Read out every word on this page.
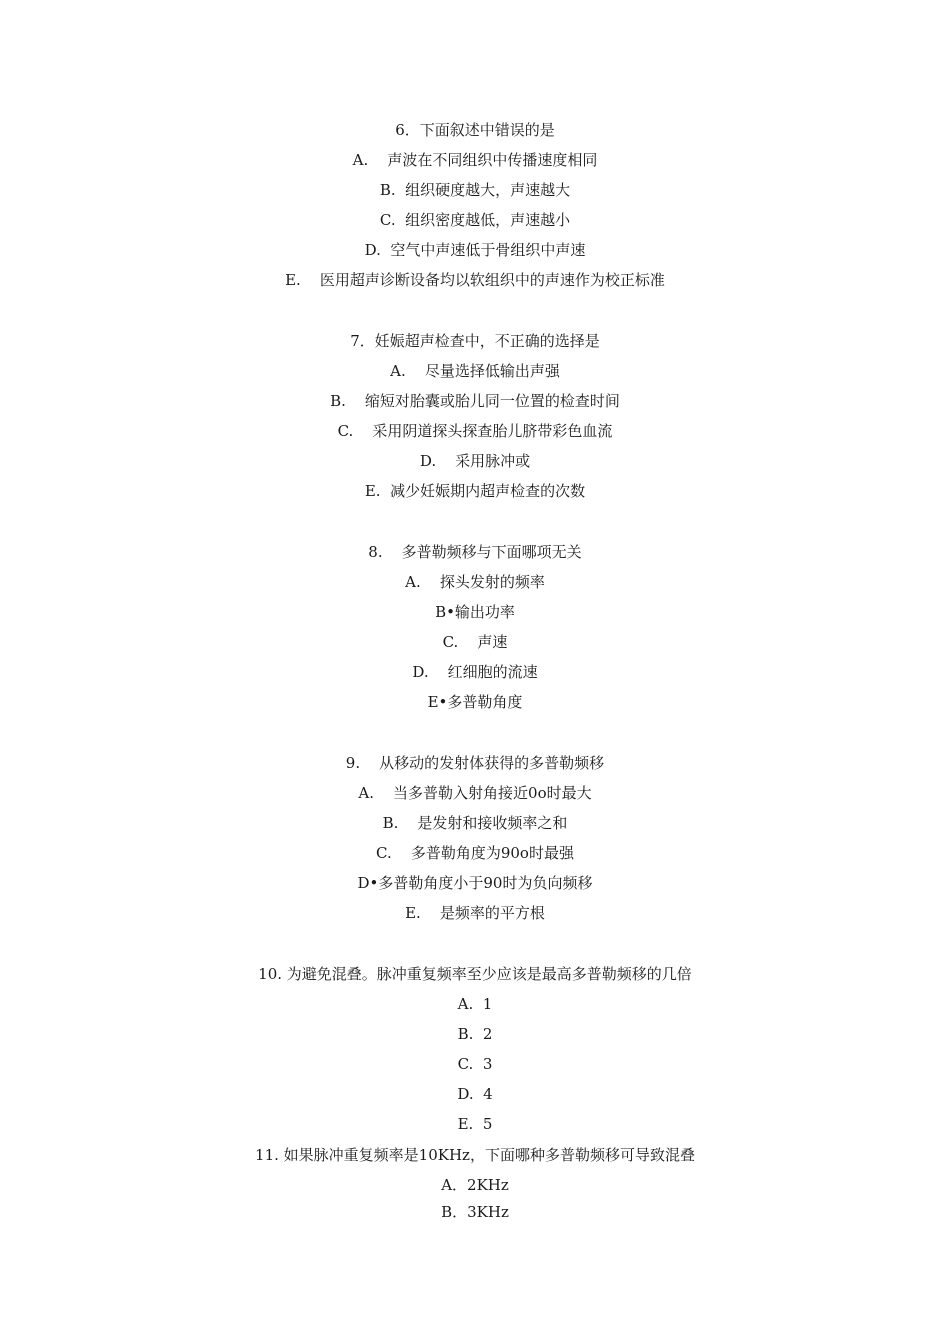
6．下面叙述中错误的是
A.    声波在不同组织中传播速度相同
B.  组织硬度越大，声速越大
C.  组织密度越低，声速越小
D.  空气中声速低于骨组织中声速
E.    医用超声诊断设备均以软组织中的声速作为校正标准
7．妊娠超声检查中，不正确的选择是
A.    尽量选择低输出声强
B.    缩短对胎囊或胎儿同一位置的检查时间
C.    采用阴道探头探查胎儿脐带彩色血流
D.    采用脉冲或
E.  减少妊娠期内超声检查的次数
8.    多普勒频移与下面哪项无关
A.    探头发射的频率
B•输出功率
C.    声速
D.    红细胞的流速
E•多普勒角度
9.    从移动的发射体获得的多普勒频移
A.    当多普勒入射角接近0o时最大
B.    是发射和接收频率之和
C.    多普勒角度为90o时最强
D•多普勒角度小于90时为负向频移
E.    是频率的平方根
10. 为避免混叠。脉冲重复频率至少应该是最高多普勒频移的几倍
A.  1
B.  2
C.  3
D.  4
E.  5
11. 如果脉冲重复频率是10KHz，下面哪种多普勒频移可导致混叠
A．2KHz
B．3KHz
